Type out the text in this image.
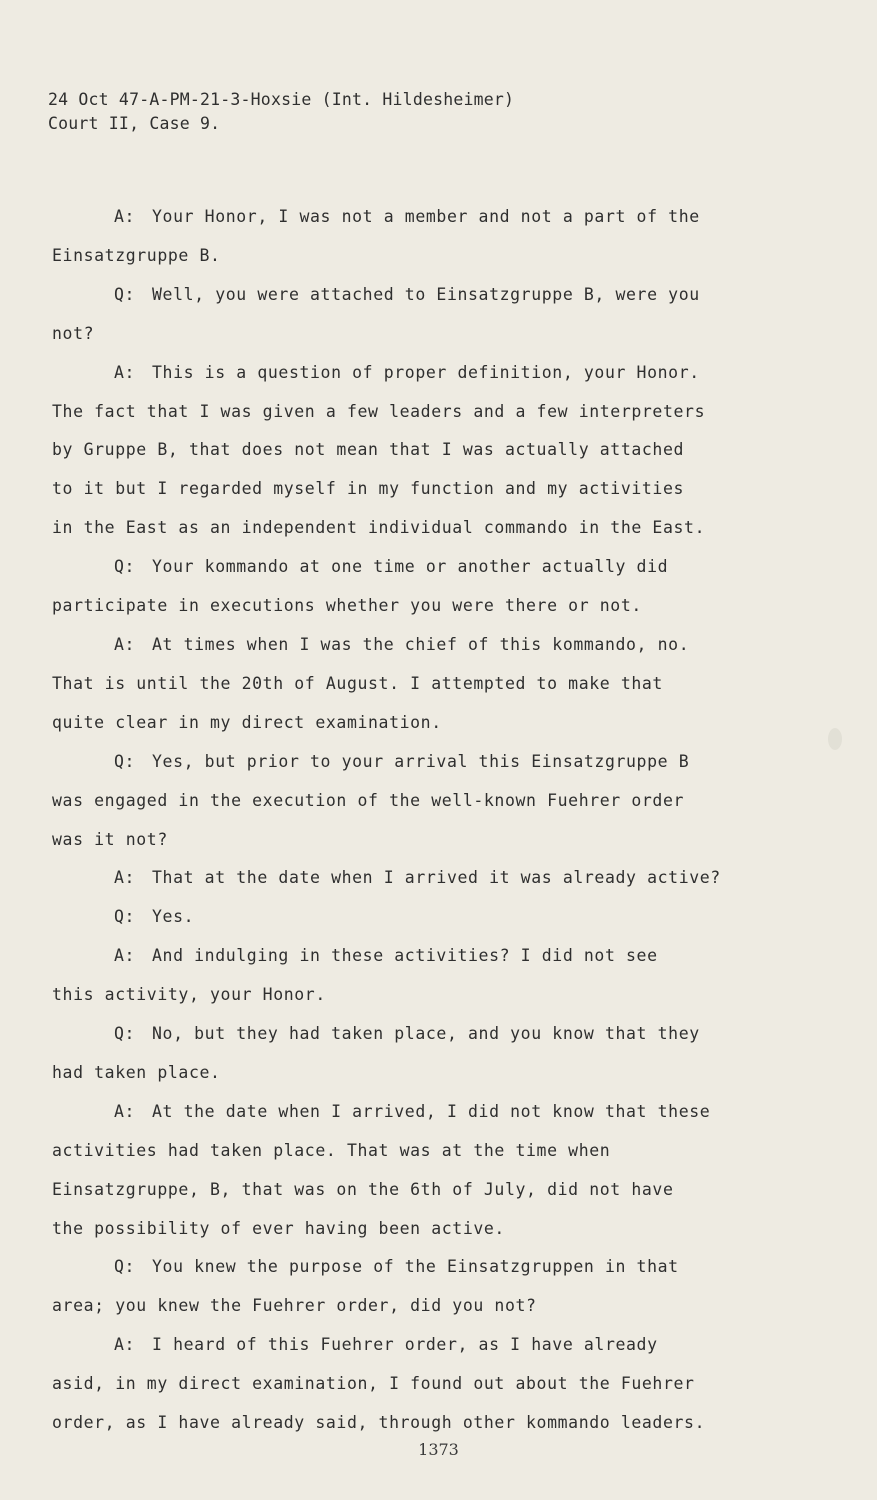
24 Oct 47-A-PM-21-3-Hoxsie (Int. Hildesheimer)
Court II, Case 9.
A: Your Honor, I was not a member and not a part of the
Einsatzgruppe B.
Q: Well, you were attached to Einsatzgruppe B, were you
not?
A: This is a question of proper definition, your Honor.
The fact that I was given a few leaders and a few interpreters
by Gruppe B, that does not mean that I was actually attached
to it but I regarded myself in my function and my activities
in the East as an independent individual commando in the East.
Q: Your kommando at one time or another actually did
participate in executions whether you were there or not.
A: At times when I was the chief of this kommando, no.
That is until the 20th of August. I attempted to make that
quite clear in my direct examination.
Q: Yes, but prior to your arrival this Einsatzgruppe B
was engaged in the execution of the well-known Fuehrer order
was it not?
A: That at the date when I arrived it was already active?
Q: Yes.
A: And indulging in these activities? I did not see
this activity, your Honor.
Q: No, but they had taken place, and you know that they
had taken place.
A: At the date when I arrived, I did not know that these
activities had taken place. That was at the time when
Einsatzgruppe, B, that was on the 6th of July, did not have
the possibility of ever having been active.
Q: You knew the purpose of the Einsatzgruppen in that
area; you knew the Fuehrer order, did you not?
A: I heard of this Fuehrer order, as I have already
asid, in my direct examination, I found out about the Fuehrer
order, as I have already said, through other kommando leaders.
1373
